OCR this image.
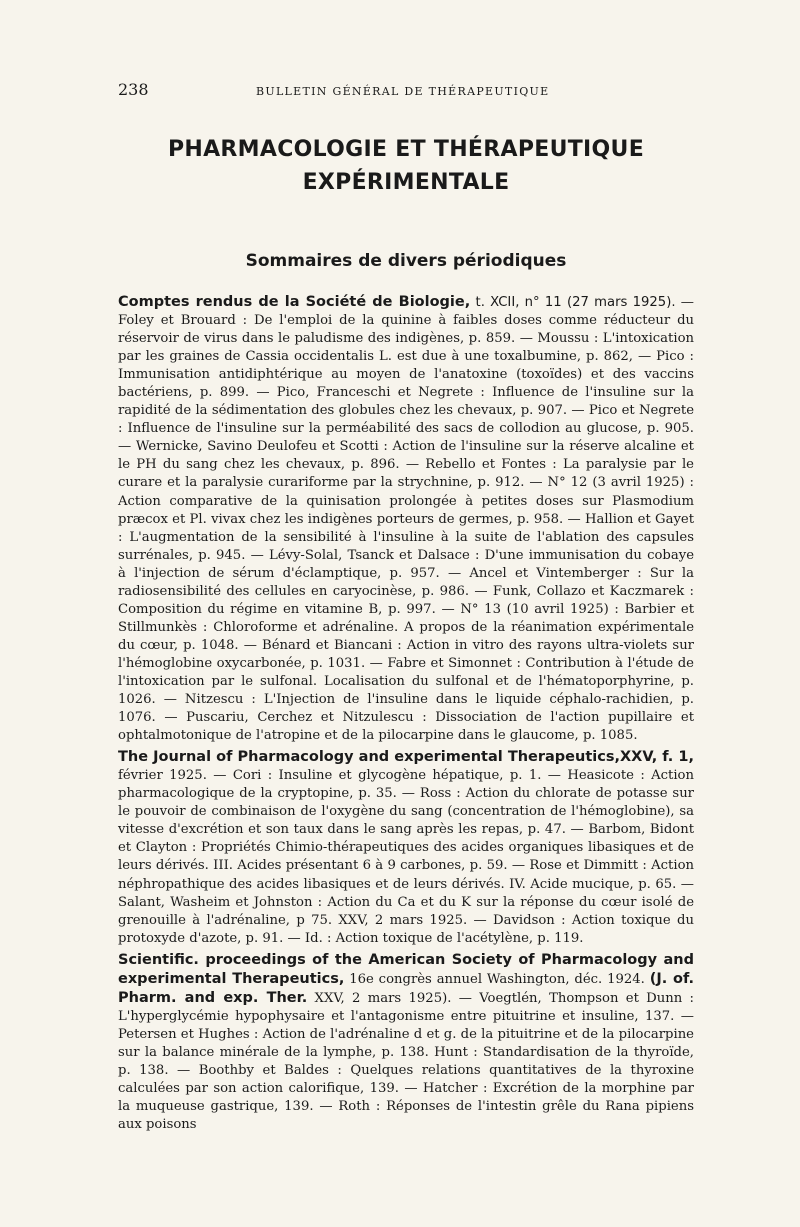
238	BULLETIN GÉNÉRAL DE THÉRAPEUTIQUE
PHARMACOLOGIE ET THÉRAPEUTIQUE
EXPÉRIMENTALE
Sommaires de divers périodiques

Comptes rendus de la Société de Biologie, t. XCII, n° 11 (27 mars 1925). — Foley et Brouard : De l'emploi de la quinine à faibles doses comme réducteur du réservoir de virus dans le paludisme des indigènes, p. 859. — Moussu : L'intoxication par les graines de Cassia occidentalis L. est due à une toxalbumine, p. 862, — Pico : Immunisation antidiphtérique au moyen de l'anatoxine (toxoïdes) et des vaccins bactériens, p. 899. — Pico, Franceschi et Negrete : Influence de l'insuline sur la rapidité de la sédimentation des globules chez les chevaux, p. 907. — Pico et Negrete : Influence de l'insuline sur la perméabilité des sacs de collodion au glucose, p. 905. — Wernicke, Savino Deulofeu et Scotti : Action de l'insuline sur la réserve alcaline et le PH du sang chez les chevaux, p. 896. — Rebello et Fontes : La paralysie par le curare et la paralysie curariforme par la strychnine, p. 912. — N° 12 (3 avril 1925) : Action comparative de la quinisation prolongée à petites doses sur Plasmodium præcox et Pl. vivax chez les indigènes porteurs de germes, p. 958. — Hallion et Gayet : L'augmentation de la sensibilité à l'insuline à la suite de l'ablation des capsules surrénales, p. 945. — Lévy-Solal, Tsanck et Dalsace : D'une immunisation du cobaye à l'injection de sérum d'éclamptique, p. 957. — Ancel et Vintemberger : Sur la radiosensibilité des cellules en caryocinèse, p. 986. — Funk, Collazo et Kaczmarek : Composition du régime en vitamine B, p. 997. — N° 13 (10 avril 1925) : Barbier et Stillmunkès : Chloroforme et adrénaline. A propos de la réanimation expérimentale du cœur, p. 1048. — Bénard et Biancani : Action in vitro des rayons ultra-violets sur l'hémoglobine oxycarbonée, p. 1031. — Fabre et Simonnet : Contribution à l'étude de l'intoxication par le sulfonal. Localisation du sulfonal et de l'hématoporphyrine, p. 1026. — Nitzescu : L'Injection de l'insuline dans le liquide céphalo-rachidien, p. 1076. — Puscariu, Cerchez et Nitzulescu : Dissociation de l'action pupillaire et ophtalmotonique de l'atropine et de la pilocarpine dans le glaucome, p. 1085.

The Journal of Pharmacology and experimental Therapeutics,XXV, f. 1, février 1925. — Cori : Insuline et glycogène hépatique, p. 1. — Heasicote : Action pharmacologique de la cryptopine, p. 35. — Ross : Action du chlorate de potasse sur le pouvoir de combinaison de l'oxygène du sang (concentration de l'hémoglobine), sa vitesse d'excrétion et son taux dans le sang après les repas, p. 47. — Barbom, Bidont et Clayton : Propriétés Chimio-thérapeutiques des acides organiques libasiques et de leurs dérivés. III. Acides présentant 6 à 9 carbones, p. 59. — Rose et Dimmitt : Action néphropathique des acides libasiques et de leurs dérivés. IV. Acide mucique, p. 65. — Salant, Washeim et Johnston : Action du Ca et du K sur la réponse du cœur isolé de grenouille à l'adrénaline, p 75. XXV, 2 mars 1925. — Davidson : Action toxique du protoxyde d'azote, p. 91. — Id. : Action toxique de l'acétylène, p. 119.

Scientific. proceedings of the American Society of Pharmacology and experimental Therapeutics, 16e congrès annuel Washington, déc. 1924. (J. of. Pharm. and exp. Ther. XXV, 2 mars 1925). — Voegtlén, Thompson et Dunn : L'hyperglycémie hypophysaire et l'antagonisme entre pituitrine et insuline, 137. — Petersen et Hughes : Action de l'adrénaline d et g. de la pituitrine et de la pilocarpine sur la balance minérale de la lymphe, p. 138. Hunt : Standardisation de la thyroïde, p. 138. — Boothby et Baldes : Quelques relations quantitatives de la thyroxine calculées par son action calorifique, 139. — Hatcher : Excrétion de la morphine par la muqueuse gastrique, 139. — Roth : Réponses de l'intestin grêle du Rana pipiens aux poisons
